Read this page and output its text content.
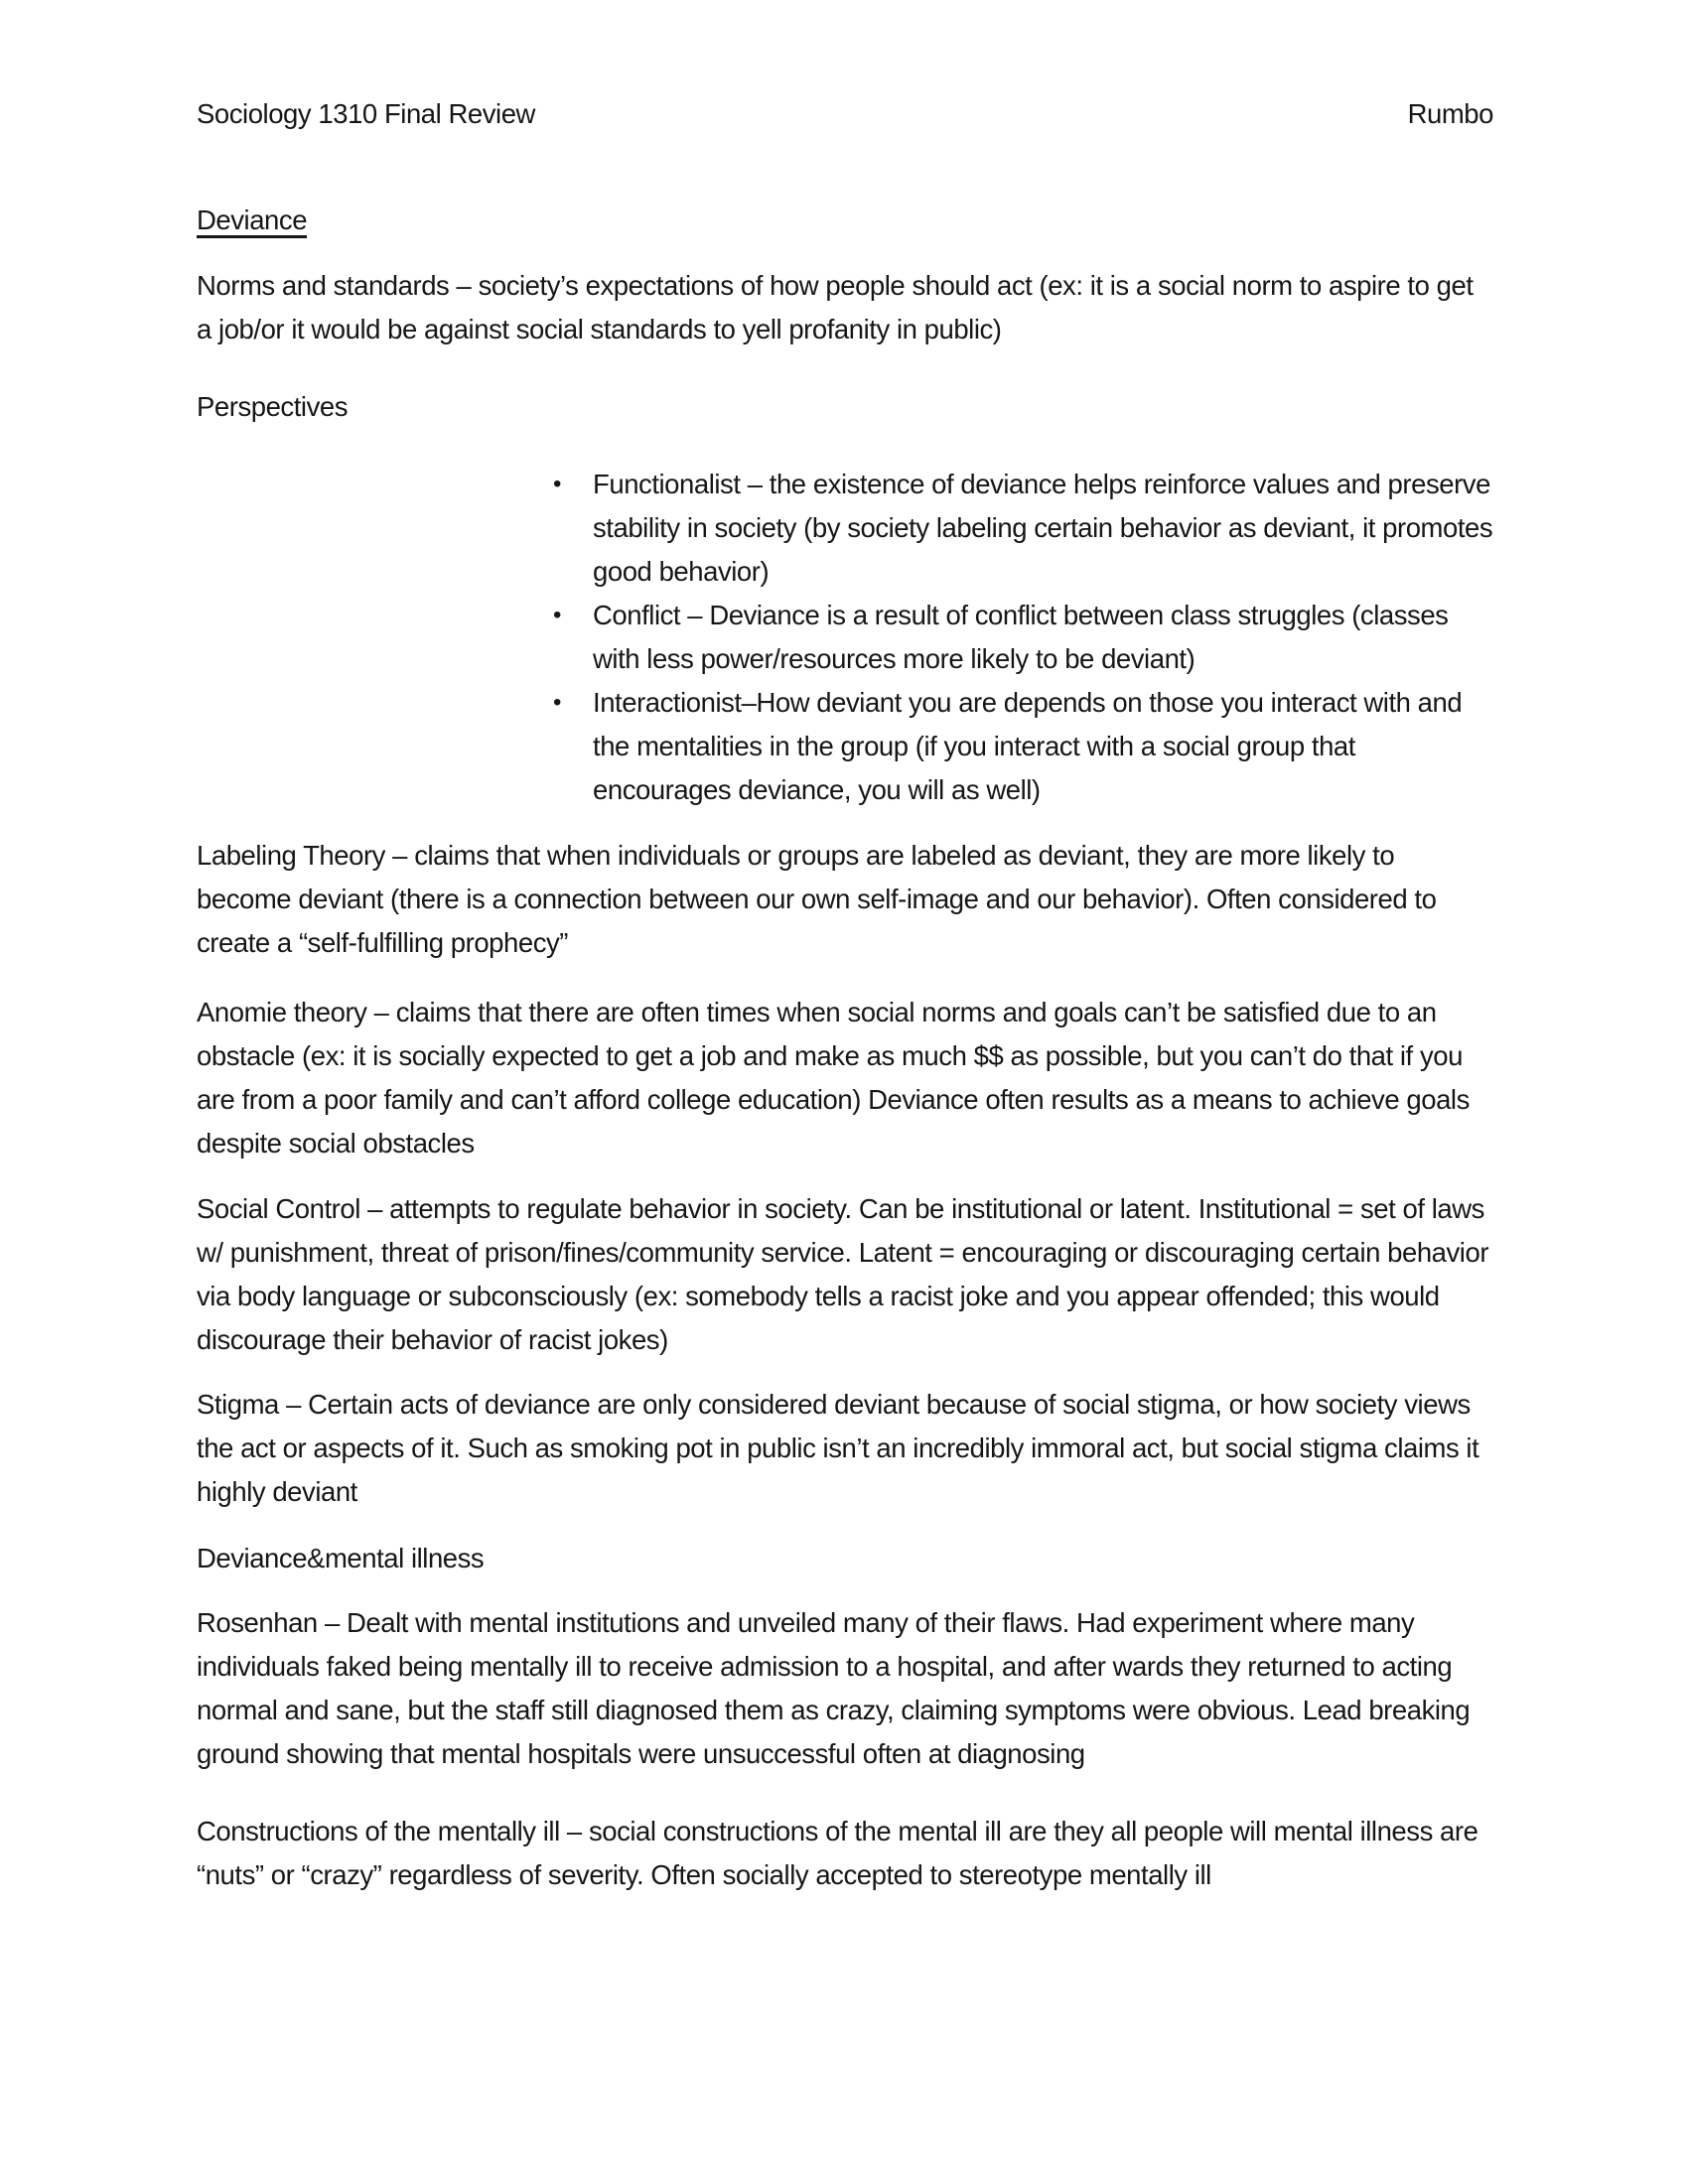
Sociology 1310 Final Review	Rumbo

Deviance

Norms and standards – society’s expectations of how people should act (ex: it is a social norm to aspire to get a job/or it would be against social standards to yell profanity in public)

Perspectives

•	Functionalist – the existence of deviance helps reinforce values and preserve stability in society (by society labeling certain behavior as deviant, it promotes good behavior)
•	Conflict – Deviance is a result of conflict between class struggles (classes with less power/resources more likely to be deviant)
•	Interactionist–How deviant you are depends on those you interact with and the mentalities in the group (if you interact with a social group that encourages deviance, you will as well)

Labeling Theory – claims that when individuals or groups are labeled as deviant, they are more likely to become deviant (there is a connection between our own self-image and our behavior). Often considered to create a “self-fulfilling prophecy”

Anomie theory – claims that there are often times when social norms and goals can’t be satisfied due to an obstacle (ex: it is socially expected to get a job and make as much $$ as possible, but you can’t do that if you are from a poor family and can’t afford college education) Deviance often results as a means to achieve goals despite social obstacles

Social Control – attempts to regulate behavior in society. Can be institutional or latent. Institutional = set of laws w/ punishment, threat of prison/fines/community service. Latent = encouraging or discouraging certain behavior via body language or subconsciously (ex: somebody tells a racist joke and you appear offended; this would discourage their behavior of racist jokes)

Stigma – Certain acts of deviance are only considered deviant because of social stigma, or how society views the act or aspects of it. Such as smoking pot in public isn’t an incredibly immoral act, but social stigma claims it highly deviant

Deviance&mental illness

Rosenhan – Dealt with mental institutions and unveiled many of their flaws. Had experiment where many individuals faked being mentally ill to receive admission to a hospital, and after wards they returned to acting normal and sane, but the staff still diagnosed them as crazy, claiming symptoms were obvious. Lead breaking ground showing that mental hospitals were unsuccessful often at diagnosing

Constructions of the mentally ill – social constructions of the mental ill are they all people will mental illness are “nuts” or “crazy” regardless of severity. Often socially accepted to stereotype mentally ill
